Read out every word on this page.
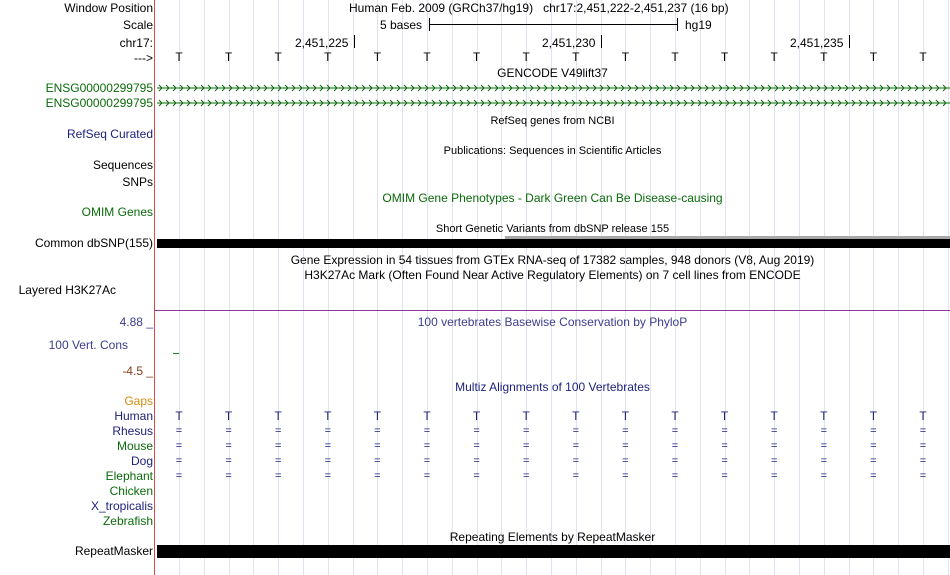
Window Position	Human Feb. 2009 (GRCh37/hg19)   chr17:2,451,222-2,451,237 (16 bp)
Scale	5 bases	hg19
chr17:	2,451,225	2,451,230	2,451,235
---> T	T	T	T	T	T	T	T	T	T	T	T	T	T	T	T
GENCODE V49lift37
ENSG00000299795
ENSG00000299795
RefSeq genes from NCBI
RefSeq Curated
Publications: Sequences in Scientific Articles
Sequences
SNPs
OMIM Gene Phenotypes - Dark Green Can Be Disease-causing
OMIM Genes
Short Genetic Variants from dbSNP release 155
Common dbSNP(155)
Gene Expression in 54 tissues from GTEx RNA-seq of 17382 samples, 948 donors (V8, Aug 2019)
H3K27Ac Mark (Often Found Near Active Regulatory Elements) on 7 cell lines from ENCODE
Layered H3K27Ac
4.88 _	100 vertebrates Basewise Conservation by PhyloP
100 Vert. Cons
-4.5 _
Multiz Alignments of 100 Vertebrates
Gaps
Human T	T	T	T	T	T	T	T	T	T	T	T	T	T	T	T
Rhesus	=	=	=	=	=	=	=	=	=	=	=	=	=	=	=	=
Mouse	=	=	=	=	=	=	=	=	=	=	=	=	=	=	=	=
Dog	=	=	=	=	=	=	=	=	=	=	=	=	=	=	=	=
Elephant	=	=	=	=	=	=	=	=	=	=	=	=	=	=	=	=
Chicken
X_tropicalis
Zebrafish
Repeating Elements by RepeatMasker
RepeatMasker
